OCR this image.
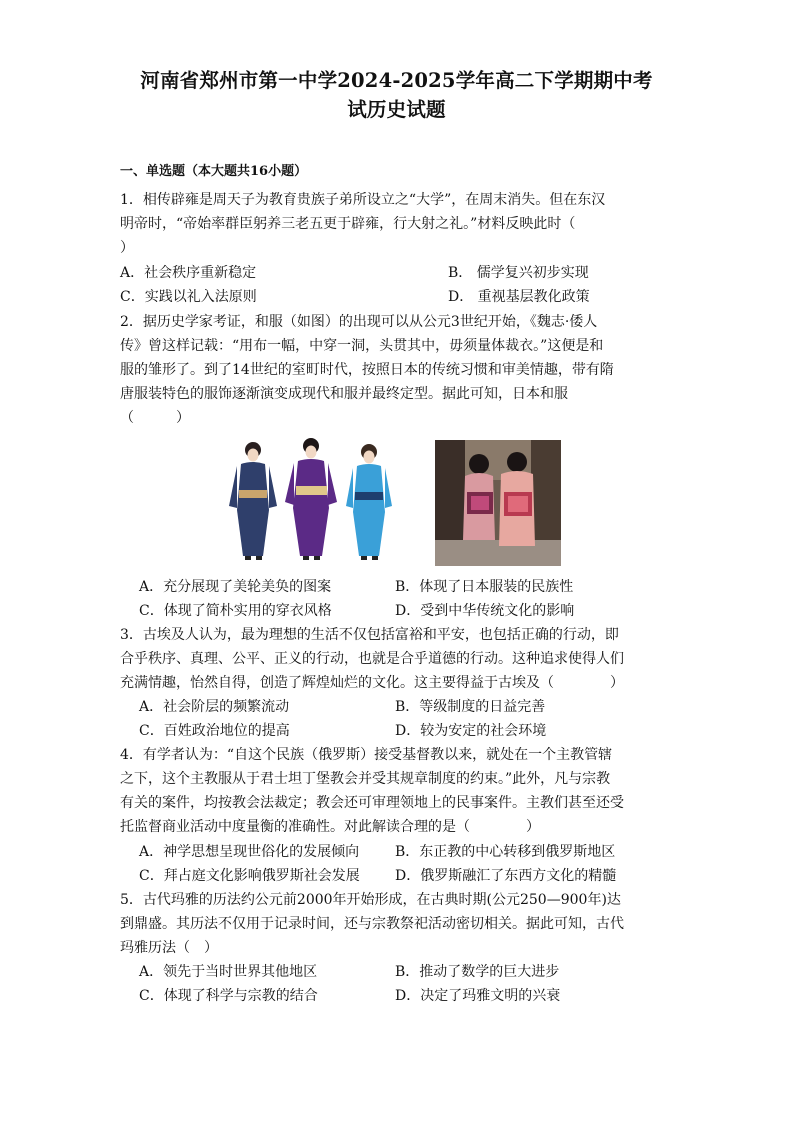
河南省郑州市第一中学2024-2025学年高二下学期期中考
试历史试题
一、单选题（本大题共16小题）
1．相传辟雍是周天子为教育贵族子弟所设立之“大学”，在周末消失。但在东汉
明帝时，“帝始率群臣躬养三老五更于辟雍，行大射之礼。”材料反映此时（
）
A．社会秩序重新稳定	B． 儒学复兴初步实现
C．实践以礼入法原则	D． 重视基层教化政策
2．据历史学家考证，和服（如图）的出现可以从公元3世纪开始，《魏志·倭人
传》曾这样记载：“用布一幅，中穿一洞，头贯其中，毋须量体裁衣。”这便是和
服的雏形了。到了14世纪的室町时代，按照日本的传统习惯和审美情趣，带有隋
唐服装特色的服饰逐渐演变成现代和服并最终定型。据此可知，日本和服
（　　　）
A．充分展现了美轮美奂的图案	B．体现了日本服装的民族性
C．体现了简朴实用的穿衣风格	D．受到中华传统文化的影响
3．古埃及人认为，最为理想的生活不仅包括富裕和平安，也包括正确的行动，即
合乎秩序、真理、公平、正义的行动，也就是合乎道德的行动。这种追求使得人们
充满情趣，怡然自得，创造了辉煌灿烂的文化。这主要得益于古埃及（　　　　）
A．社会阶层的频繁流动	B．等级制度的日益完善
C．百姓政治地位的提高	D．较为安定的社会环境
4．有学者认为：“自这个民族（俄罗斯）接受基督教以来，就处在一个主教管辖
之下，这个主教服从于君士坦丁堡教会并受其规章制度的约束。”此外，凡与宗教
有关的案件，均按教会法裁定；教会还可审理领地上的民事案件。主教们甚至还受
托监督商业活动中度量衡的准确性。对此解读合理的是（　　　　）
A．神学思想呈现世俗化的发展倾向	B．东正教的中心转移到俄罗斯地区
C．拜占庭文化影响俄罗斯社会发展	D．俄罗斯融汇了东西方文化的精髓
5．古代玛雅的历法约公元前2000年开始形成，在古典时期(公元250—900年)达
到鼎盛。其历法不仅用于记录时间，还与宗教祭祀活动密切相关。据此可知，古代
玛雅历法（　）
A．领先于当时世界其他地区	B．推动了数学的巨大进步
C．体现了科学与宗教的结合	D．决定了玛雅文明的兴衰
